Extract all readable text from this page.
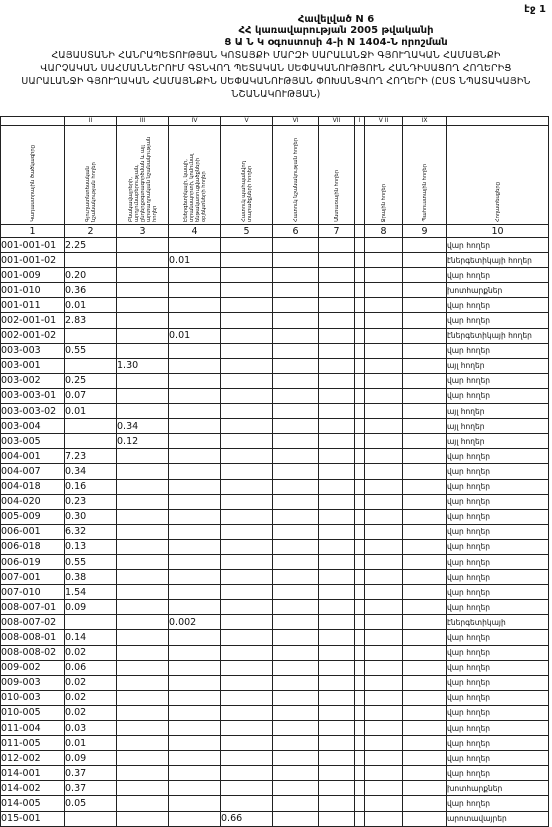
էջ 1
Հավելված N 6
ՀՀ կառավարության 2005 թվականի
Ց Ա Ն Կ օգոստոսի 4-ի N 1404-Ն որոշման
ՀԱՅԱՍՏԱՆԻ ՀԱՆՐԱՊԵՏՈՒԹՅԱՆ ԿՈՏԱՅՔԻ ՄԱՐԶԻ ՍԱՐԱԼԱՆՋԻ ԳՅՈՒՂԱԿԱՆ ՀԱՄԱՅՆՔԻ
ՎԱՐՉԱԿԱՆ ՍԱՀՄԱՆՆԵՐՈՒՄ ԳՏՆՎՈՂ ՊԵՏԱԿԱՆ ՍԵՓԱԿԱՆՈՒԹՅՈՒՆ ՀԱՆԴԻՍԱՑՈՂ ՀՈՂԵՐԻՑ
ՍԱՐԱԼԱՆՋԻ ԳՅՈՒՂԱԿԱՆ ՀԱՄԱՅՆՔԻՆ ՍԵՓԱԿԱՆՈՒԹՅԱՆ ՓՈԽԱՆՑՎՈՂ ՀՈՂԵՐԻ (ԸՍՏ ՆՊԱՏԱԿԱՅԻՆ
ՆՇԱՆԱԿՈՒԹՅԱՆ)
	II	III	IV	V	VI	VII	I	V II	IX	

Կադաստրային ծածկագիրը	Գյուղատնտեսական նշանակության հողեր	Բնակավայրերի, արդյունաբերության, ընդերքօգտագործման և այլ արտադրական նշանակության հողեր	Էներգետիկայի, կապի, տրանսպորտի, կոմունալ ենթակառուցվածքների օբյեկտների հողեր	Հատուկ պահպանվող տարածքների հողեր	Հատուկ նշանակության հողեր	Անտառային հողեր		Ջրային հողեր	Պահուստային հողեր	Հողատեսքերը

1	2	3	4	5	6	7		8	9	10
001-001-01	2.25									վար հողեր
001-001-02			0.01							էներգետիկայի հողեր
001-009	0.20									վար հողեր
001-010	0.36									խոտհարքներ
001-011	0.01									վար հողեր
002-001-01	2.83									վար հողեր
002-001-02			0.01							էներգետիկայի հողեր
003-003	0.55									վար հողեր
003-001		1.30								այլ հողեր
003-002	0.25									վար հողեր
003-003-01	0.07									վար հողեր
003-003-02	0.01									այլ հողեր
003-004		0.34								այլ հողեր
003-005		0.12								այլ հողեր
004-001	7.23									վար հողեր
004-007	0.34									վար հողեր
004-018	0.16									վար հողեր
004-020	0.23									վար հողեր
005-009	0.30									վար հողեր
006-001	6.32									վար հողեր
006-018	0.13									վար հողեր
006-019	0.55									վար հողեր
007-001	0.38									վար հողեր
007-010	1.54									վար հողեր
008-007-01	0.09									վար հողեր
008-007-02			0.002							էներգետիկայի
008-008-01	0.14									վար հողեր
008-008-02	0.02									վար հողեր
009-002	0.06									վար հողեր
009-003	0.02									վար հողեր
010-003	0.02									վար հողեր
010-005	0.02									վար հողեր
011-004	0.03									վար հողեր
011-005	0.01									վար հողեր
012-002	0.09									վար հողեր
014-001	0.37									վար հողեր
014-002	0.37									խոտհարքներ
014-005	0.05									վար հողեր
015-001				0.66						արոտավայրեր
